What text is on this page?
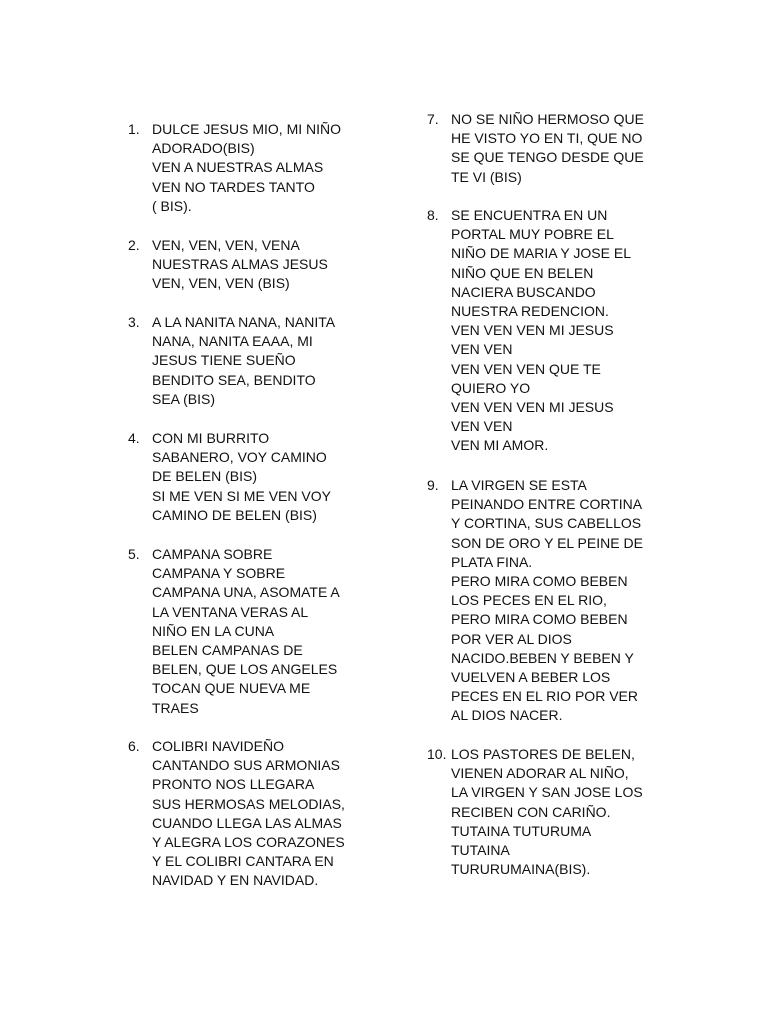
1. DULCE JESUS MIO, MI NIÑO
ADORADO(BIS)
VEN A NUESTRAS ALMAS
VEN NO TARDES TANTO
( BIS).
2. VEN, VEN, VEN, VENA
NUESTRAS ALMAS JESUS
VEN, VEN, VEN (BIS)
3. A LA NANITA NANA, NANITA
NANA, NANITA EAAA, MI
JESUS TIENE SUEÑO
BENDITO SEA, BENDITO
SEA (BIS)
4. CON MI BURRITO
SABANERO, VOY CAMINO
DE BELEN (BIS)
SI ME VEN SI ME VEN VOY
CAMINO DE BELEN (BIS)
5. CAMPANA SOBRE
CAMPANA Y SOBRE
CAMPANA UNA, ASOMATE A
LA VENTANA VERAS AL
NIÑO EN LA CUNA
BELEN CAMPANAS DE
BELEN, QUE LOS ANGELES
TOCAN QUE NUEVA ME
TRAES
6. COLIBRI NAVIDEÑO
CANTANDO SUS ARMONIAS
PRONTO NOS LLEGARA
SUS HERMOSAS MELODIAS,
CUANDO LLEGA LAS ALMAS
Y ALEGRA LOS CORAZONES
Y EL COLIBRI CANTARA EN
NAVIDAD Y EN NAVIDAD.
7. NO SE NIÑO HERMOSO QUE
HE VISTO YO EN TI, QUE NO
SE QUE TENGO DESDE QUE
TE VI (BIS)
8. SE ENCUENTRA EN UN
PORTAL MUY POBRE EL
NIÑO DE MARIA Y JOSE EL
NIÑO QUE EN BELEN
NACIERA BUSCANDO
NUESTRA REDENCION.
VEN VEN VEN MI JESUS
VEN VEN
VEN VEN VEN QUE TE
QUIERO YO
VEN VEN VEN MI JESUS
VEN VEN
VEN MI AMOR.
9. LA VIRGEN SE ESTA
PEINANDO ENTRE CORTINA
Y CORTINA, SUS CABELLOS
SON DE ORO Y EL PEINE DE
PLATA FINA.
PERO MIRA COMO BEBEN
LOS PECES EN EL RIO,
PERO MIRA COMO BEBEN
POR VER AL DIOS
NACIDO.BEBEN Y BEBEN Y
VUELVEN A BEBER LOS
PECES EN EL RIO POR VER
AL DIOS NACER.
10. LOS PASTORES DE BELEN,
VIENEN ADORAR AL NIÑO,
LA VIRGEN Y SAN JOSE LOS
RECIBEN CON CARIÑO.
TUTAINA TUTURUMA
TUTAINA
TURURUMAINA(BIS).
